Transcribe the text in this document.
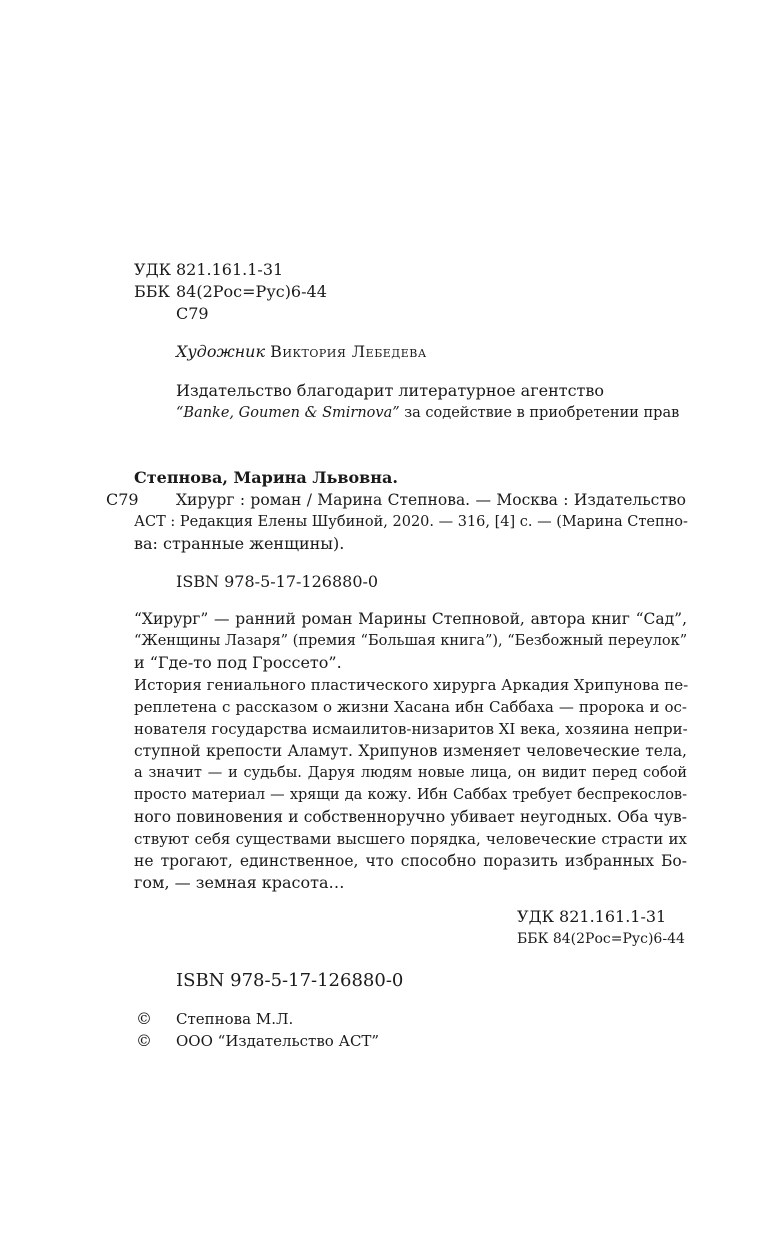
УДК 821.161.1-31
ББК 84(2Рос=Рус)6-44
С79
Художник Виктория Лебедева
Издательство благодарит литературное агентство
“Banke, Goumen & Smirnova” за содействие в приобретении прав
Степнова, Марина Львовна.
С79 Хирург : роман / Марина Степнова. — Москва : Издательство
АСТ : Редакция Елены Шубиной, 2020. — 316, [4] с. — (Марина Степно-
ва: странные женщины).
ISBN 978-5-17-126880-0
“Хирург” — ранний роман Марины Степновой, автора книг “Сад”,
“Женщины Лазаря” (премия “Большая книга”), “Безбожный переулок”
и “Где-то под Гроссето”.
История гениального пластического хирурга Аркадия Хрипунова пе-
реплетена с рассказом о жизни Хасана ибн Саббаха — пророка и ос-
нователя государства исмаилитов-низаритов XI века, хозяина непри-
ступной крепости Аламут. Хрипунов изменяет человеческие тела,
а значит — и судьбы. Даруя людям новые лица, он видит перед собой
просто материал — хрящи да кожу. Ибн Саббах требует беспрекослов-
ного повиновения и собственноручно убивает неугодных. Оба чув-
ствуют себя существами высшего порядка, человеческие страсти их
не трогают, единственное, что способно поразить избранных Бо-
гом, — земная красота…
УДК 821.161.1-31
ББК 84(2Рос=Рус)6-44
ISBN 978-5-17-126880-0
© Степнова М.Л.
© ООО “Издательство АСТ”
